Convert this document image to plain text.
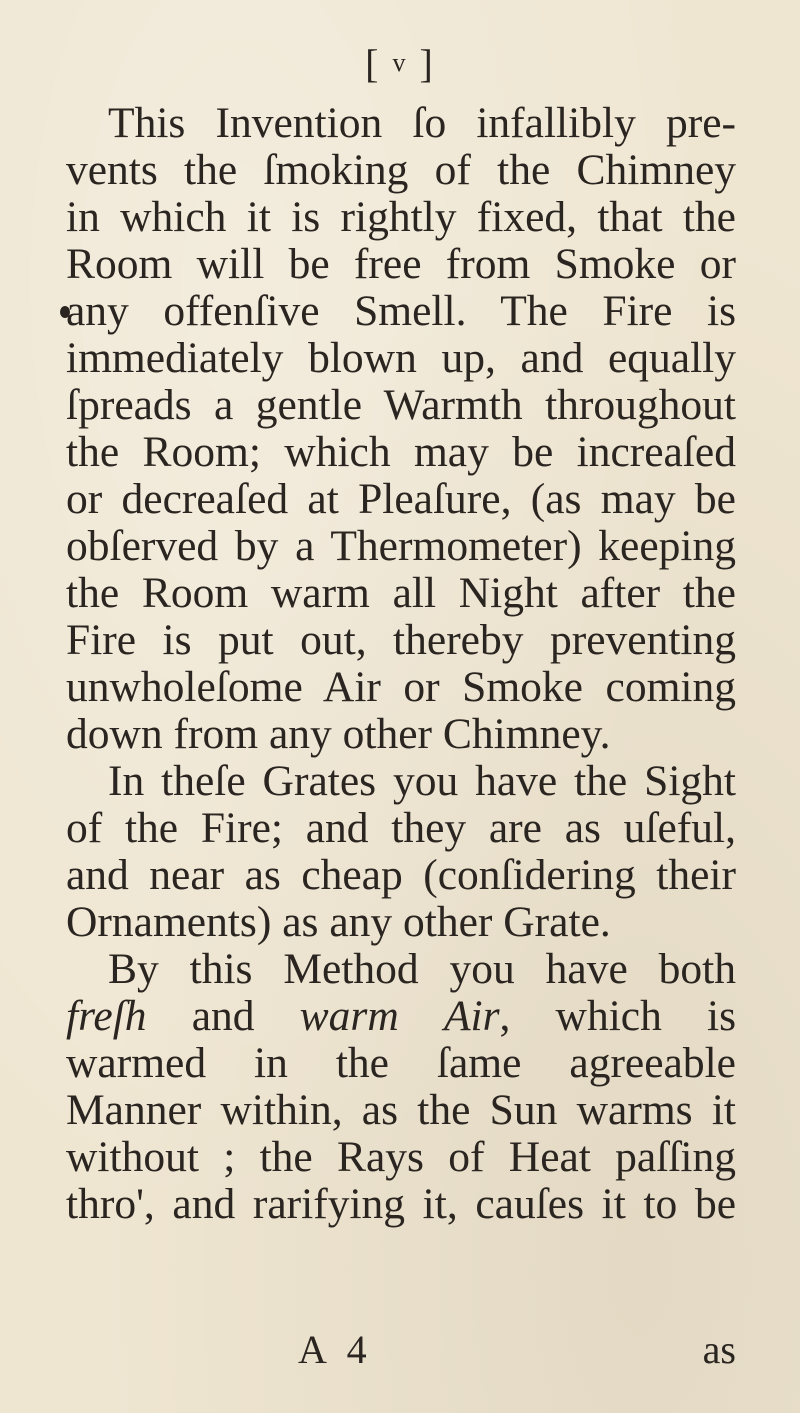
[ v ]
This Invention ſo infallibly pre-
vents the ſmoking of the Chimney
in which it is rightly fixed, that the
Room will be free from Smoke or
any offenſive Smell. The Fire is
immediately blown up, and equally
ſpreads a gentle Warmth throughout
the Room; which may be increaſed
or decreaſed at Pleaſure, (as may be
obſerved by a Thermometer) keeping
the Room warm all Night after the
Fire is put out, thereby preventing
unwholeſome Air or Smoke coming
down from any other Chimney.
In theſe Grates you have the Sight
of the Fire; and they are as uſeful,
and near as cheap (conſidering their
Ornaments) as any other Grate.
By this Method you have both
freſh and warm Air, which is
warmed in the ſame agreeable
Manner within, as the Sun warms it
without ; the Rays of Heat paſſing
thro', and rarifying it, cauſes it to be
A 4	as
